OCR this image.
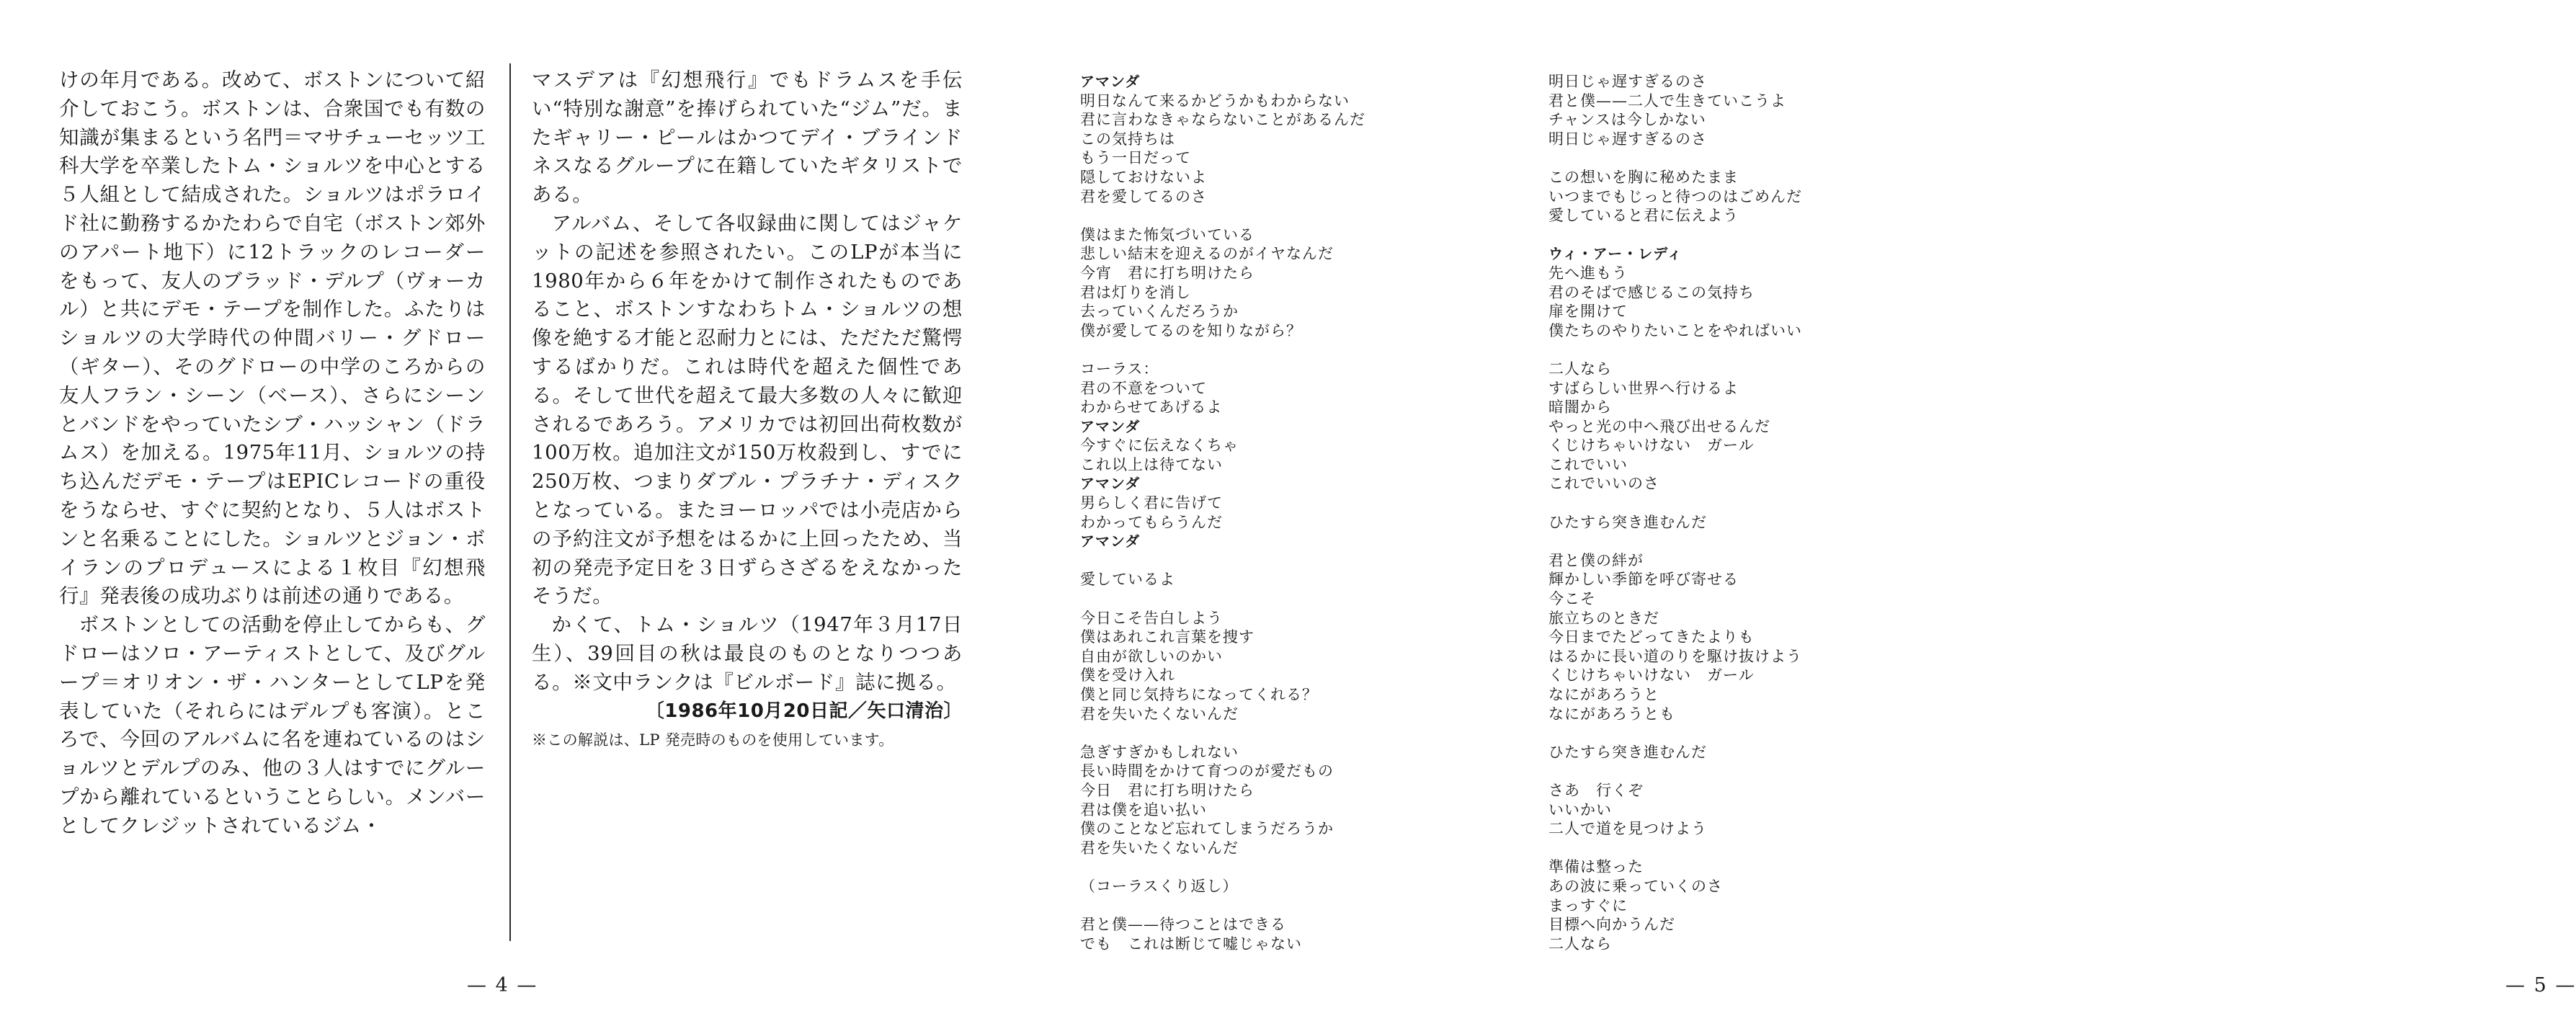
けの年月である。改めて、ボストンについて紹介しておこう。ボストンは、合衆国でも有数の知識が集まるという名門＝マサチューセッツ工科大学を卒業したトム・ショルツを中心とする５人組として結成された。ショルツはポラロイド社に勤務するかたわらで自宅（ボストン郊外のアパート地下）に12トラックのレコーダーをもって、友人のブラッド・デルプ（ヴォーカル）と共にデモ・テープを制作した。ふたりはショルツの大学時代の仲間バリー・グドロー（ギター）、そのグドローの中学のころからの友人フラン・シーン（ベース）、さらにシーンとバンドをやっていたシブ・ハッシャン（ドラムス）を加える。1975年11月、ショルツの持ち込んだデモ・テープはEPICレコードの重役をうならせ、すぐに契約となり、５人はボストンと名乗ることにした。ショルツとジョン・ボイランのプロデュースによる１枚目『幻想飛行』発表後の成功ぶりは前述の通りである。

ボストンとしての活動を停止してからも、グドローはソロ・アーティストとして、及びグループ＝オリオン・ザ・ハンターとしてLPを発表していた（それらにはデルプも客演）。ところで、今回のアルバムに名を連ねているのはショルツとデルプのみ、他の３人はすでにグループから離れているということらしい。メンバーとしてクレジットされているジム・

マスデアは『幻想飛行』でもドラムスを手伝い“特別な謝意”を捧げられていた“ジム”だ。またギャリー・ピールはかつてデイ・ブラインドネスなるグループに在籍していたギタリストである。

アルバム、そして各収録曲に関してはジャケットの記述を参照されたい。このLPが本当に1980年から６年をかけて制作されたものであること、ボストンすなわちトム・ショルツの想像を絶する才能と忍耐力とには、ただただ驚愕するばかりだ。これは時代を超えた個性である。そして世代を超えて最大多数の人々に歓迎されるであろう。アメリカでは初回出荷枚数が100万枚。追加注文が150万枚殺到し、すでに250万枚、つまりダブル・プラチナ・ディスクとなっている。またヨーロッパでは小売店からの予約注文が予想をはるかに上回ったため、当初の発売予定日を３日ずらさざるをえなかったそうだ。

かくて、トム・ショルツ（1947年３月17日生）、39回目の秋は最良のものとなりつつある。※文中ランクは『ビルボード』誌に拠る。

〔1986年10月20日記／矢口清治〕

※この解説は、LP 発売時のものを使用しています。

— 4 —
アマンダ
明日なんて来るかどうかもわからない
君に言わなきゃならないことがあるんだ
この気持ちは
もう一日だって
隠しておけないよ
君を愛してるのさ
僕はまた怖気づいている
悲しい結末を迎えるのがイヤなんだ
今宵　君に打ち明けたら
君は灯りを消し
去っていくんだろうか
僕が愛してるのを知りながら？
コーラス：
君の不意をついて
わからせてあげるよ
アマンダ
今すぐに伝えなくちゃ
これ以上は待てない
アマンダ
男らしく君に告げて
わかってもらうんだ
アマンダ
愛しているよ
今日こそ告白しよう
僕はあれこれ言葉を捜す
自由が欲しいのかい
僕を受け入れ
僕と同じ気持ちになってくれる？
君を失いたくないんだ
急ぎすぎかもしれない
長い時間をかけて育つのが愛だもの
今日　君に打ち明けたら
君は僕を追い払い
僕のことなど忘れてしまうだろうか
君を失いたくないんだ
（コーラスくり返し）
君と僕——待つことはできる
でも　これは断じて嘘じゃない
明日じゃ遅すぎるのさ
君と僕——二人で生きていこうよ
チャンスは今しかない
明日じゃ遅すぎるのさ
この想いを胸に秘めたまま
いつまでもじっと待つのはごめんだ
愛していると君に伝えよう
ウィ・アー・レディ
先へ進もう
君のそばで感じるこの気持ち
扉を開けて
僕たちのやりたいことをやればいい
二人なら
すばらしい世界へ行けるよ
暗闇から
やっと光の中へ飛び出せるんだ
くじけちゃいけない　ガール
これでいい
これでいいのさ
ひたすら突き進むんだ
君と僕の絆が
輝かしい季節を呼び寄せる
今こそ
旅立ちのときだ
今日までたどってきたよりも
はるかに長い道のりを駆け抜けよう
くじけちゃいけない　ガール
なにがあろうと
なにがあろうとも
ひたすら突き進むんだ
さあ　行くぞ
いいかい
二人で道を見つけよう
準備は整った
あの波に乗っていくのさ
まっすぐに
目標へ向かうんだ
二人なら
— 5 —
